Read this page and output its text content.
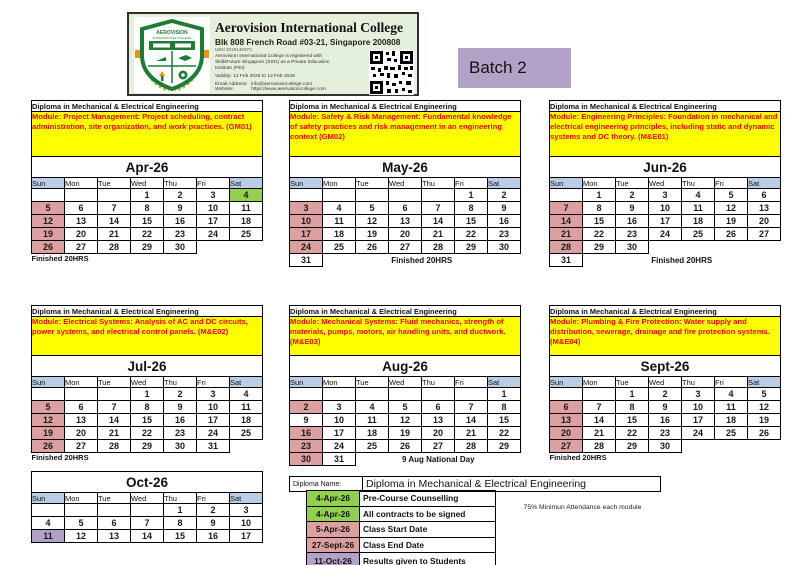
AEROVISION
INTERNATIONAL COLLEGE
Aerovision International College
Blk 808 French Road #03-21, Singapore 200808
UEN 201914637C
Aerovision International College is registered with SkillsFuture Singapore (SSG) as a Private Education Institute (PEI)
Validity: 12 Feb 2026 to 12 Feb 2028
Email Address: info@aerovisioncollege.com
Website:	https://www.aerovisioncollege.com
Batch 2
Diploma in Mechanical & Electrical Engineering						
Module: Project Management: Project scheduling, contract administration, site organization, and work practices. (GM01)						
Apr-26						
Sun	Mon	Tue	Wed	Thu	Fri	Sat
			1	2	3	4
5	6	7	8	9	10	11
12	13	14	15	16	17	18
19	20	21	22	23	24	25
26	27	28	29	30		
Finished 20HRS						
Diploma in Mechanical & Electrical Engineering						
Module: Safety & Risk Management: Fundamental knowledge of safety practices and risk management in an engineering context (GM02)						
May-26						
Sun	Mon	Tue	Wed	Thu	Fri	Sat
					1	2
3	4	5	6	7	8	9
10	11	12	13	14	15	16
17	18	19	20	21	22	23
24	25	26	27	28	29	30
31	Finished 20HRS					
Diploma in Mechanical & Electrical Engineering						
Module: Engineering Principles: Foundation in mechanical and electrical engineering principles, including static and dynamic systems and DC theory. (M&E01)						
Jun-26						
Sun	Mon	Tue	Wed	Thu	Fri	Sat
	1	2	3	4	5	6
7	8	9	10	11	12	13
14	15	16	17	18	19	20
21	22	23	24	25	26	27
28	29	30				
31	Finished 20HRS					
Diploma in Mechanical & Electrical Engineering						
Module: Electrical Systems: Analysis of AC and DC circuits, power systems, and electrical control panels. (M&E02)						
Jul-26						
Sun	Mon	Tue	Wed	Thu	Fri	Sat
			1	2	3	4
5	6	7	8	9	10	11
12	13	14	15	16	17	18
19	20	21	22	23	24	25
26	27	28	29	30	31	
Finished 20HRS						
Diploma in Mechanical & Electrical Engineering						
Module: Mechanical Systems: Fluid mechanics, strength of materials, pumps, motors, air handling units, and ductwork. (M&E03)						
Aug-26						
Sun	Mon	Tue	Wed	Thu	Fri	Sat
						1
2	3	4	5	6	7	8
9	10	11	12	13	14	15
16	17	18	19	20	21	22
23	24	25	26	27	28	29
30	31	9 Aug National Day				
Diploma in Mechanical & Electrical Engineering						
Module: Plumbing & Fire Protection: Water supply and distribution, sewerage, drainage and fire protection systems. (M&E04)						
Sept-26						
Sun	Mon	Tue	Wed	Thu	Fri	Sat
		1	2	3	4	5
6	7	8	9	10	11	12
13	14	15	16	17	18	19
20	21	22	23	24	25	26
27	28	29	30			
Finished 20HRS						
Oct-26						
Sun	Mon	Tue	Wed	Thu	Fri	Sat
				1	2	3
4	5	6	7	8	9	10
11	12	13	14	15	16	17
Diploma Name:	Diploma in Mechanical & Electrical Engineering
4-Apr-26	Pre-Course Counselling
4-Apr-26	All contracts to be signed
5-Apr-26	Class Start Date
27-Sept-26	Class End Date
11-Oct-26	Results given to Students
75% Minimun Attendance each module
